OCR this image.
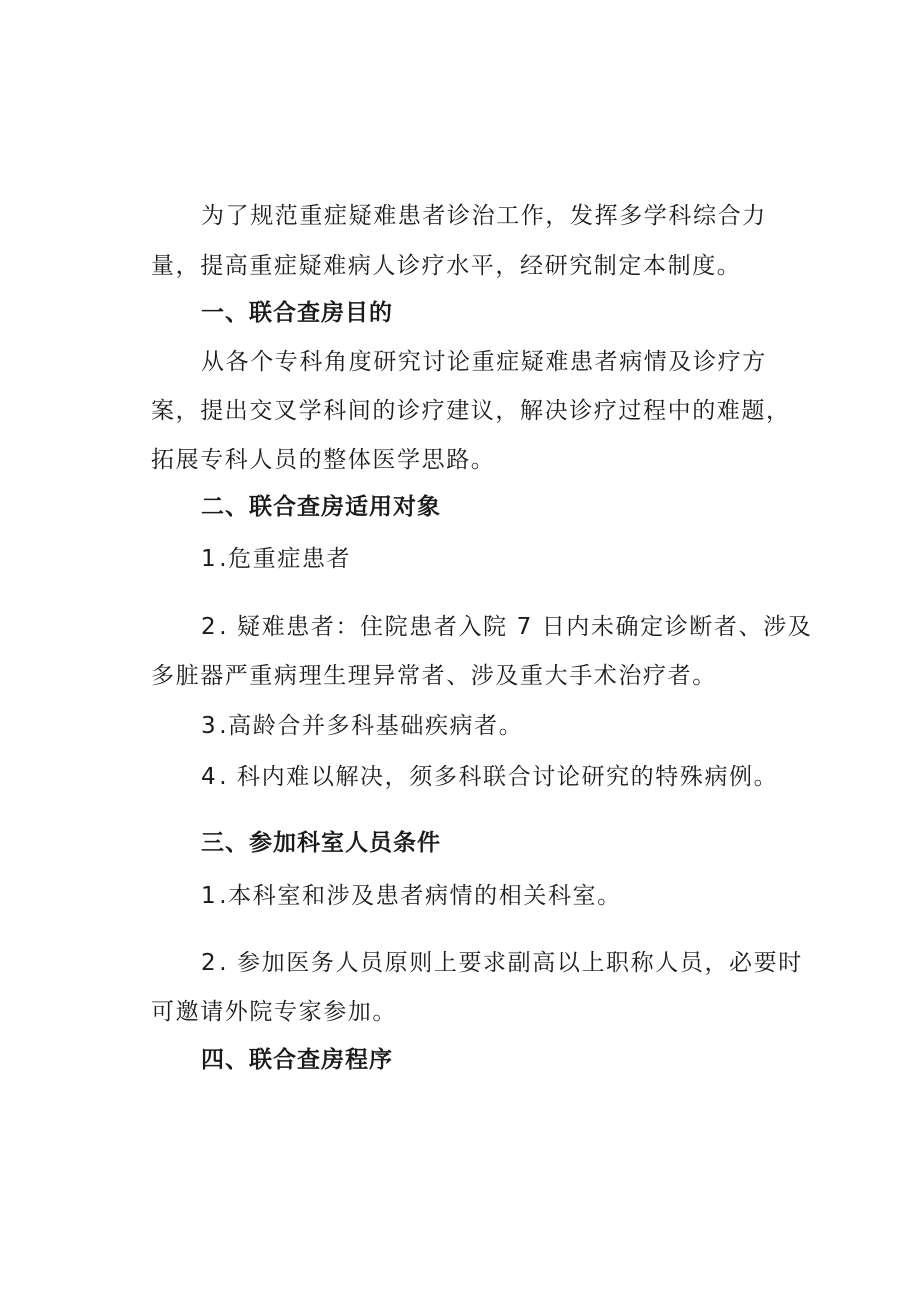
为了规范重症疑难患者诊治工作，发挥多学科综合力
量，提高重症疑难病人诊疗水平，经研究制定本制度。
一、联合查房目的
从各个专科角度研究讨论重症疑难患者病情及诊疗方
案，提出交叉学科间的诊疗建议，解决诊疗过程中的难题，
拓展专科人员的整体医学思路。
二、联合查房适用对象
1.危重症患者
2. 疑难患者：住院患者入院 7 日内未确定诊断者、涉及
多脏器严重病理生理异常者、涉及重大手术治疗者。
3.高龄合并多科基础疾病者。
4. 科内难以解决，须多科联合讨论研究的特殊病例。
三、参加科室人员条件
1.本科室和涉及患者病情的相关科室。
2. 参加医务人员原则上要求副高以上职称人员，必要时
可邀请外院专家参加。
四、联合查房程序
